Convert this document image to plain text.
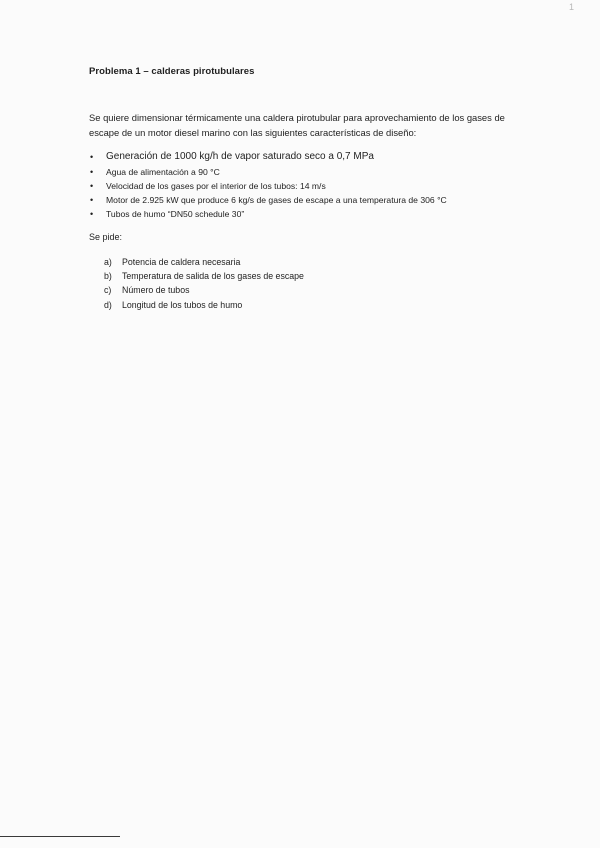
1
Problema 1 – calderas pirotubulares
Se quiere dimensionar térmicamente una caldera pirotubular para aprovechamiento de los gases de escape de un motor diesel marino con las siguientes características de diseño:
• Generación de 1000 kg/h de vapor saturado seco a 0,7 MPa
• Agua de alimentación a 90 °C
• Velocidad de los gases por el interior de los tubos: 14 m/s
• Motor de 2.925 kW que produce 6 kg/s de gases de escape a una temperatura de 306 °C
• Tubos de humo “DN50 schedule 30”
Se pide:
a) Potencia de caldera necesaria
b) Temperatura de salida de los gases de escape
c) Número de tubos
d) Longitud de los tubos de humo
